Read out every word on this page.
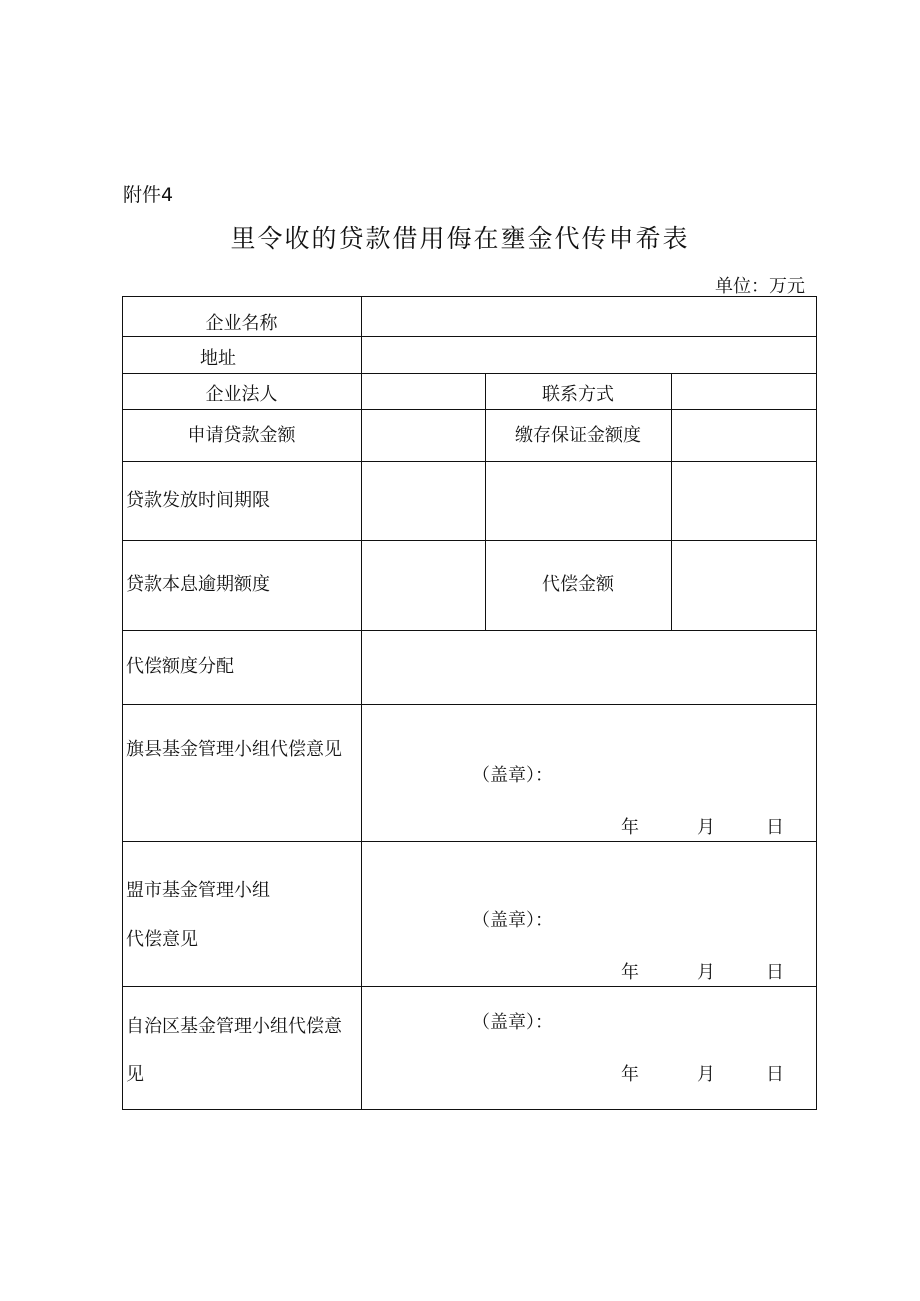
附件4
里令收的贷款借用侮在壅金代传申希表
单位：万元
企业名称
地址
企业法人	联系方式
申请贷款金额	缴存保证金额度
贷款发放时间期限
贷款本息逾期额度	代偿金额
代偿额度分配
旗县基金管理小组代偿意见
（盖章）：
年	月	日
盟市基金管理小组
代偿意见
（盖章）：
年	月	日
自治区基金管理小组代偿意见
（盖章）：
年	月	日
